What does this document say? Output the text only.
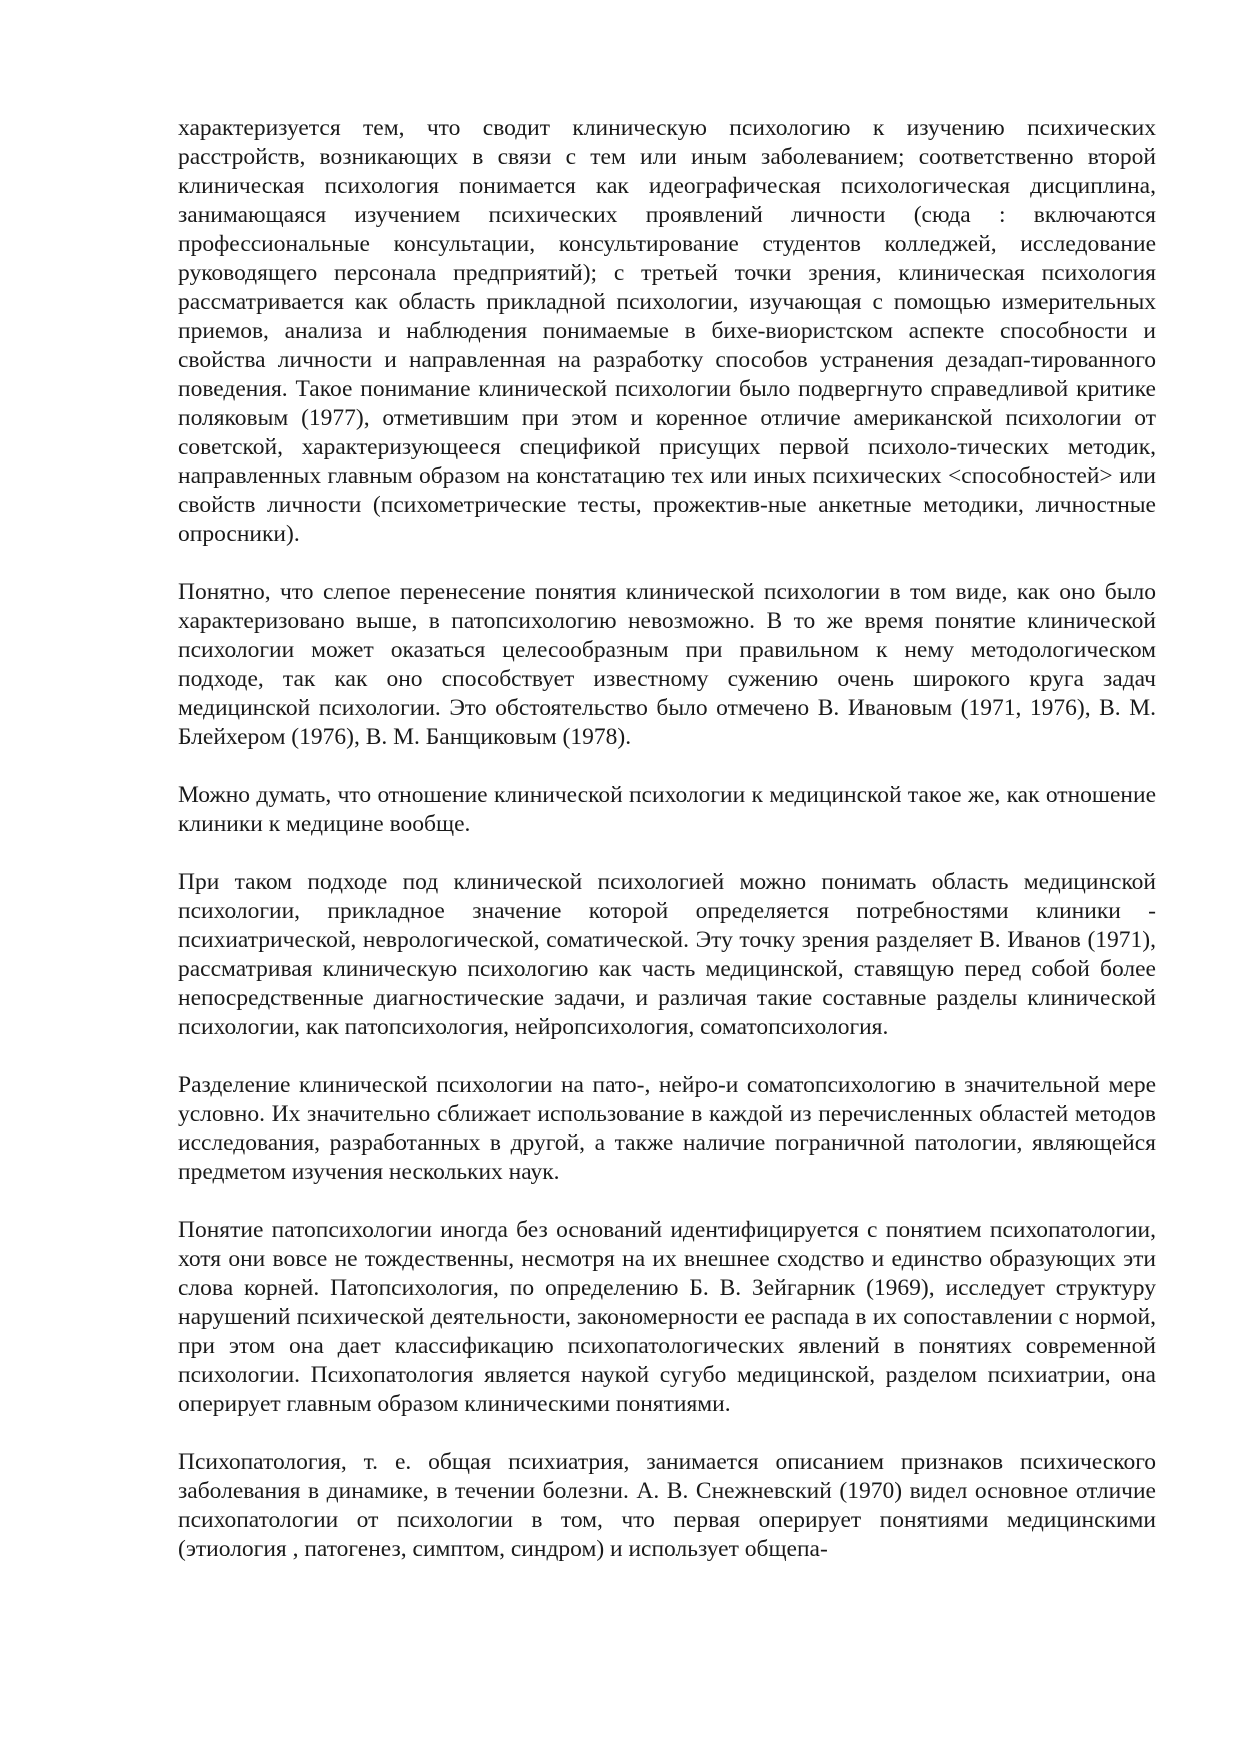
характеризуется тем, что сводит клиническую психологию к изучению психических расстройств, возникающих в связи с тем или иным заболеванием; соответственно второй клиническая психология понимается как идеографическая психологическая дисциплина, занимающаяся изучением психических проявлений личности (сюда : включаются профессиональные консультации, консультирование студентов колледжей, исследование руководящего персонала предприятий); с третьей точки зрения, клиническая психология рассматривается как область прикладной психологии, изучающая с помощью измерительных приемов, анализа и наблюдения понимаемые в бихе-виористском аспекте способности и свойства личности и направленная на разработку способов устранения дезадап-тированного поведения. Такое понимание клинической психологии было подвергнуто справедливой критике поляковым (1977), отметившим при этом и коренное отличие американской психологии от советской, характеризующееся спецификой присущих первой психоло-тических методик, направленных главным образом на констатацию тех или иных психических <способностей> или свойств личности (психометрические тесты, прожектив-ные анкетные методики, личностные опросники).

Понятно, что слепое перенесение понятия клинической психологии в том виде, как оно было характеризовано выше, в патопсихологию невозможно. В то же время понятие клинической психологии может оказаться целесообразным при правильном к нему методологическом подходе, так как оно способствует известному сужению очень широкого круга задач медицинской психологии. Это обстоятельство было отмечено В. Ивановым (1971, 1976), В. М. Блейхером (1976), В. М. Банщиковым (1978).

Можно думать, что отношение клинической психологии к медицинской такое же, как отношение клиники к медицине вообще.

При таком подходе под клинической психологией можно понимать область медицинской психологии, прикладное значение которой определяется потребностями клиники - психиатрической, неврологической, соматической. Эту точку зрения разделяет В. Иванов (1971), рассматривая клиническую психологию как часть медицинской, ставящую перед собой более непосредственные диагностические задачи, и различая такие составные разделы клинической психологии, как патопсихология, нейропсихология, соматопсихология.

Разделение клинической психологии на пато-, нейро-и соматопсихологию в значительной мере условно. Их значительно сближает использование в каждой из перечисленных областей методов исследования, разработанных в другой, а также наличие пограничной патологии, являющейся предметом изучения нескольких наук.

Понятие патопсихологии иногда без оснований идентифицируется с понятием психопатологии, хотя они вовсе не тождественны, несмотря на их внешнее сходство и единство образующих эти слова корней. Патопсихология, по определению Б. В. Зейгарник (1969), исследует структуру нарушений психической деятельности, закономерности ее распада в их сопоставлении с нормой, при этом она дает классификацию психопатологических явлений в понятиях современной психологии. Психопатология является наукой сугубо медицинской, разделом психиатрии, она оперирует главным образом клиническими понятиями.

Психопатология, т. е. общая психиатрия, занимается описанием признаков психического заболевания в динамике, в течении болезни. А. В. Снежневский (1970) видел основное отличие психопатологии от психологии в том, что первая оперирует понятиями медицинскими (этиология , патогенез, симптом, синдром) и использует общепа-
